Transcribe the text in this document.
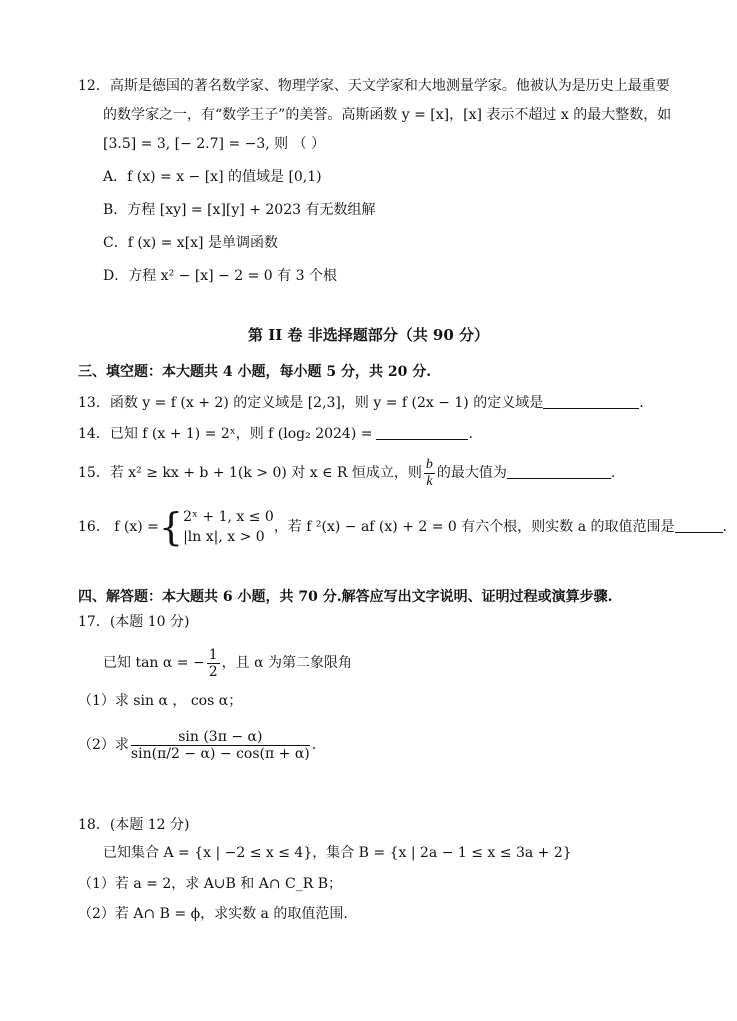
12．高斯是德国的著名数学家、物理学家、天文学家和大地测量学家。他被认为是历史上最重要
的数学家之一，有“数学王子”的美誉。高斯函数 y = [x]，[x] 表示不超过 x 的最大整数，如
[3.5] = 3, [− 2.7] = −3, 则 （ ）
A．f (x) = x − [x] 的值域是 [0,1)
B．方程 [xy] = [x][y] + 2023 有无数组解
C．f (x) = x[x] 是单调函数
D．方程 x² − [x] − 2 = 0 有 3 个根
第 II 卷 非选择题部分（共 90 分）
三、填空题：本大题共 4 小题，每小题 5 分，共 20 分.
13．函数 y = f (x + 2) 的定义域是 [2,3]，则 y = f (2x − 1) 的定义域是	.
14．已知 f (x + 1) = 2ˣ，则 f (log₂ 2024) =	.
15．若 x² ≥ kx + b + 1(k > 0) 对 x ∈ R 恒成立，则 $\frac{b}{k}$ 的最大值为	.
16． f (x) ={ 2ˣ + 1, x ≤ 0
|ln x|, x > 0
，若 f ²(x) − af (x) + 2 = 0 有六个根，则实数 a 的取值范围是	.
四、解答题：本大题共 6 小题，共 70 分.解答应写出文字说明、证明过程或演算步骤.
17．(本题 10 分)
已知 tan α = − $\frac{1}{2}$ ，且 α 为第二象限角
（1）求 sin α ， cos α；
（2）求 $\frac{\sin (3\pi - \alpha)}{\sin(\pi/2 - \alpha) - \cos(\pi + \alpha)}$ .
18．(本题 12 分)
已知集合 A = {x | −2 ≤ x ≤ 4}，集合 B = {x | 2a − 1 ≤ x ≤ 3a + 2}
（1）若 a = 2，求 A∪B 和 A∩ C_R B；
（2）若 A∩ B = ϕ，求实数 a 的取值范围.
